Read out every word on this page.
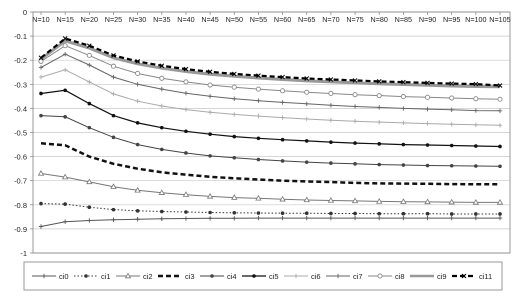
0
-0.1
-0.2
-0.3
-0.4
-0.5
-0.6
-0.7
-0.8
-0.9
-1
N=10 N=15 N=20 N=25 N=30 N=35 N=40 N=45 N=50 N=55 N=60 N=65 N=70 N=75 N=80 N=85 N=90 N=95 N=100 N=105
ci0	ci1	ci2	ci3	ci4	ci5	ci6	ci7	ci8	ci9	ci11
